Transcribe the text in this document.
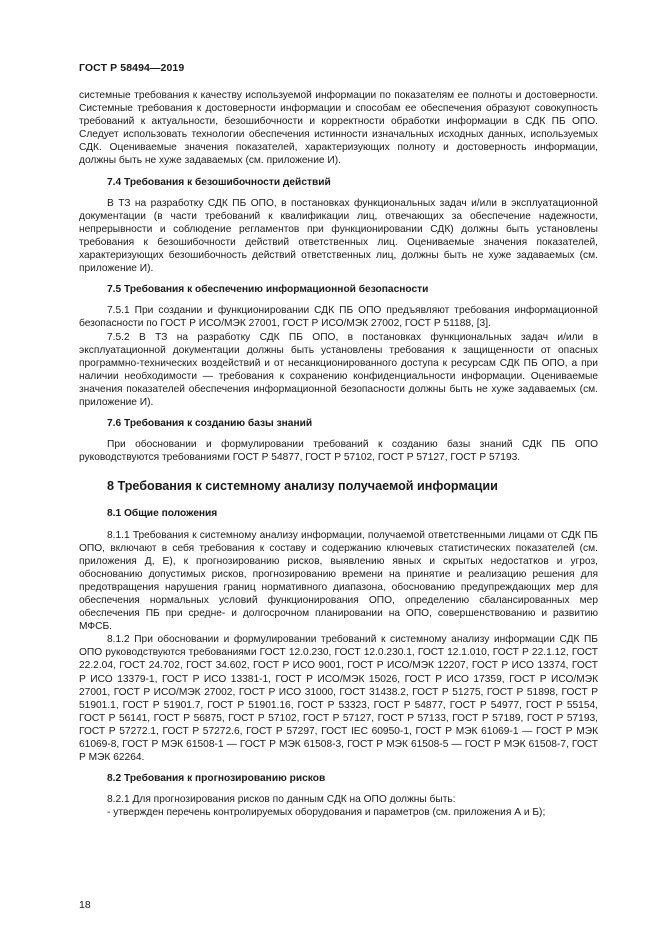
ГОСТ Р 58494—2019

системные требования к качеству используемой информации по показателям ее полноты и достоверности. Системные требования к достоверности информации и способам ее обеспечения образуют совокупность требований к актуальности, безошибочности и корректности обработки информации в СДК ПБ ОПО. Следует использовать технологии обеспечения истинности изначальных исходных данных, используемых СДК. Оцениваемые значения показателей, характеризующих полноту и достоверность информации, должны быть не хуже задаваемых (см. приложение И).

7.4 Требования к безошибочности действий

В ТЗ на разработку СДК ПБ ОПО, в постановках функциональных задач и/или в эксплуатационной документации (в части требований к квалификации лиц, отвечающих за обеспечение надежности, непрерывности и соблюдение регламентов при функционировании СДК) должны быть установлены требования к безошибочности действий ответственных лиц. Оцениваемые значения показателей, характеризующих безошибочность действий ответственных лиц, должны быть не хуже задаваемых (см. приложение И).

7.5 Требования к обеспечению информационной безопасности

7.5.1 При создании и функционировании СДК ПБ ОПО предъявляют требования информационной безопасности по ГОСТ Р ИСО/МЭК 27001, ГОСТ Р ИСО/МЭК 27002, ГОСТ Р 51188, [3].

7.5.2 В ТЗ на разработку СДК ПБ ОПО, в постановках функциональных задач и/или в эксплуатационной документации должны быть установлены требования к защищенности от опасных программно-технических воздействий и от несанкционированного доступа к ресурсам СДК ПБ ОПО, а при наличии необходимости — требования к сохранению конфиденциальности информации. Оцениваемые значения показателей обеспечения информационной безопасности должны быть не хуже задаваемых (см. приложение И).

7.6 Требования к созданию базы знаний

При обосновании и формулировании требований к созданию базы знаний СДК ПБ ОПО руководствуются требованиями ГОСТ Р 54877, ГОСТ Р 57102, ГОСТ Р 57127, ГОСТ Р 57193.

8 Требования к системному анализу получаемой информации
8.1 Общие положения

8.1.1 Требования к системному анализу информации, получаемой ответственными лицами от СДК ПБ ОПО, включают в себя требования к составу и содержанию ключевых статистических показателей (см. приложения Д, Е), к прогнозированию рисков, выявлению явных и скрытых недостатков и угроз, обоснованию допустимых рисков, прогнозированию времени на принятие и реализацию решения для предотвращения нарушения границ нормативного диапазона, обоснованию предупреждающих мер для обеспечения нормальных условий функционирования ОПО, определению сбалансированных мер обеспечения ПБ при средне- и долгосрочном планировании на ОПО, совершенствованию и развитию МФСБ.

8.1.2 При обосновании и формулировании требований к системному анализу информации СДК ПБ ОПО руководствуются требованиями ГОСТ 12.0.230, ГОСТ 12.0.230.1, ГОСТ 12.1.010, ГОСТ Р 22.1.12, ГОСТ 22.2.04, ГОСТ 24.702, ГОСТ 34.602, ГОСТ Р ИСО 9001, ГОСТ Р ИСО/МЭК 12207, ГОСТ Р ИСО 13374, ГОСТ Р ИСО 13379-1, ГОСТ Р ИСО 13381-1, ГОСТ Р ИСО/МЭК 15026, ГОСТ Р ИСО 17359, ГОСТ Р ИСО/МЭК 27001, ГОСТ Р ИСО/МЭК 27002, ГОСТ Р ИСО 31000, ГОСТ 31438.2, ГОСТ Р 51275, ГОСТ Р 51898, ГОСТ Р 51901.1, ГОСТ Р 51901.7, ГОСТ Р 51901.16, ГОСТ Р 53323, ГОСТ Р 54877, ГОСТ Р 54977, ГОСТ Р 55154, ГОСТ Р 56141, ГОСТ Р 56875, ГОСТ Р 57102, ГОСТ Р 57127, ГОСТ Р 57133, ГОСТ Р 57189, ГОСТ Р 57193, ГОСТ Р 57272.1, ГОСТ Р 57272.6, ГОСТ Р 57297, ГОСТ IEC 60950-1, ГОСТ Р МЭК 61069-1 — ГОСТ Р МЭК 61069-8, ГОСТ Р МЭК 61508-1 — ГОСТ Р МЭК 61508-3, ГОСТ Р МЭК 61508-5 — ГОСТ Р МЭК 61508-7, ГОСТ Р МЭК 62264.

8.2 Требования к прогнозированию рисков

8.2.1 Для прогнозирования рисков по данным СДК на ОПО должны быть:

- утвержден перечень контролируемых оборудования и параметров (см. приложения А и Б);

18
